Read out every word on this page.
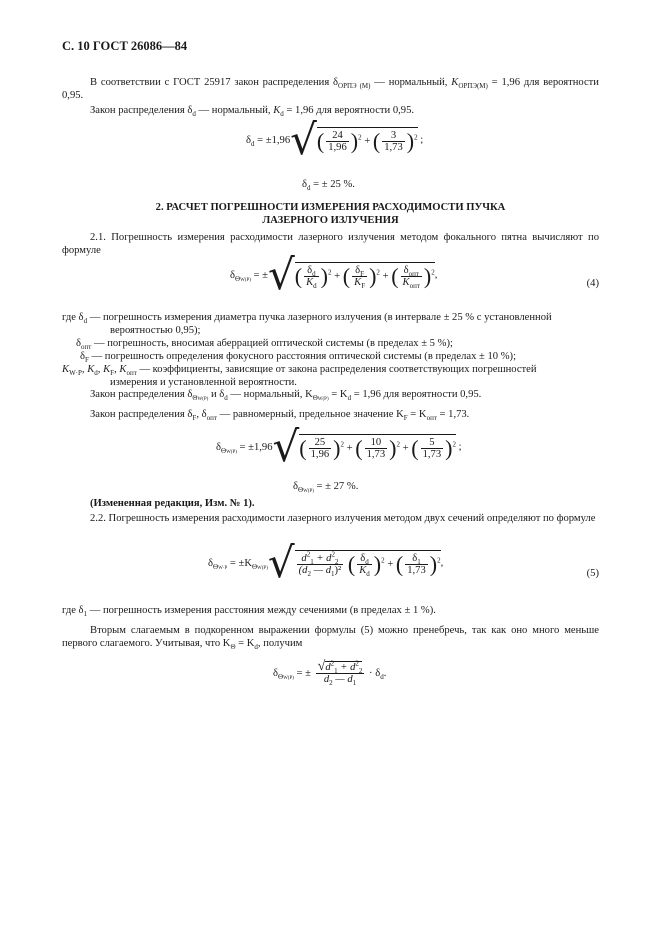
С. 10 ГОСТ 26086—84
В соответствии с ГОСТ 25917 закон распределения $\delta_{ОРПЭ (М)}$ — нормальный, $K_{ОРПЭ(М)} = 1,96$ для вероятности 0,95.
Закон распределения $\delta_d$ — нормальный, $K_d = 1,96$ для вероятности 0,95.
$\delta_d = \pm 1,96√( \frac{24}{1,96} )^2$ + ( $\frac{3}{1,73} )^2$ ;
$\delta_d$ = ± 25 %.
2. РАСЧЕТ ПОГРЕШНОСТИ ИЗМЕРЕНИЯ РАСХОДИМОСТИ ПУЧКА
ЛАЗЕРНОГО ИЗЛУЧЕНИЯ
2.1. Погрешность измерения расходимости лазерного излучения методом фокального пятна вычисляют по формуле
$\delta_{\Theta W(P)}$ = ±√( $\frac{\delta_d}{K_d} )^2$ + ( $\frac{\delta_F}{K_F} )^2$ + ( $\frac{\delta_{опт}}{K_{опт}} )^2$,
(4)
где $\delta_d$ — погрешность измерения диаметра пучка лазерного излучения (в интервале ± 25 % с установленной
вероятностью 0,95);
$\delta_{опт}$ — погрешность, вносимая аберрацией оптической системы (в пределах ± 5 %);
$\delta_F$ — погрешность определения фокусного расстояния оптической системы (в пределах ± 10 %);
$K_{W\cdot P}$, $K_d$, $K_F$, $K_{опт}$ — коэффициенты, зависящие от закона распределения соответствующих погрешностей
измерения и установленной вероятности.
Закон распределения $\delta_{\Theta W(P)}$ и $\delta_d$ — нормальный, $K_{\Theta W(P)} = K_d = 1,96$ для вероятности 0,95.
Закон распределения $\delta_F$, $\delta_{опт}$ — равномерный, предельное значение $K_F = K_{опт} = 1,73$.
$\delta_{\Theta W(P)} = \pm 1,96√( \frac{25}{1,96} )^2$ + ( $\frac{10}{1,73} )^2$ + ( $\frac{5}{1,73} )^2$ ;
$\delta_{\Theta W(P)}$ = ± 27 %.
(Измененная редакция, Изм. № 1).
2.2. Погрешность измерения расходимости лазерного излучения методом двух сечений определяют по формуле
$\delta_{\Theta W\cdot P} = \pm K_{\Theta W(P)}√ \frac{d^2_1 + d^2_2}{(d_2 — d_1)^2}$ ( $\frac{\delta_d}{K_d} )^2$ + ( $\frac{\delta_1}{1,73} )^2$,
(5)
где $\delta_1$ — погрешность измерения расстояния между сечениями (в пределах ± 1 %).
Вторым слагаемым в подкоренном выражении формулы (5) можно пренебречь, так как оно много меньше первого слагаемого. Учитывая, что $K_\Theta = K_d$, получим
$\delta_{\Theta W(P)}$ = ± $\frac{√d^2_1 + d^2_2}{d_2 — d_1} \cdot \delta_d$.
